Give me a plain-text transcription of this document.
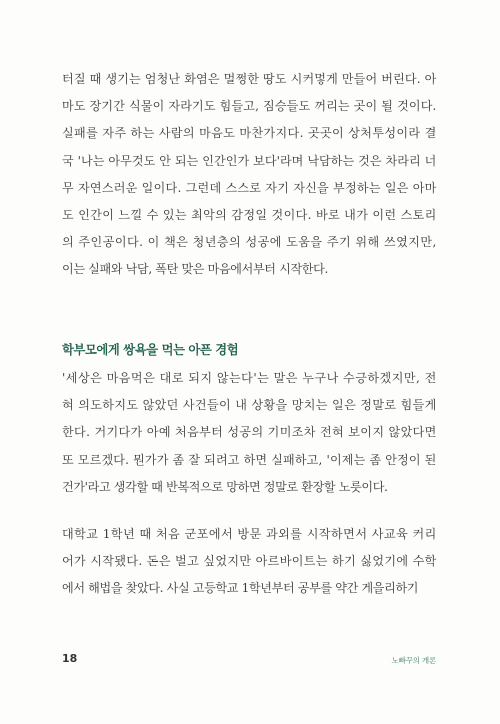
터질 때 생기는 엄청난 화염은 멀쩡한 땅도 시커멓게 만들어 버린다. 아
마도 장기간 식물이 자라기도 힘들고, 짐승들도 꺼리는 곳이 될 것이다.
실패를 자주 하는 사람의 마음도 마찬가지다. 곳곳이 상처투성이라 결
국 '나는 아무것도 안 되는 인간인가 보다'라며 낙담하는 것은 차라리 너
무 자연스러운 일이다. 그런데 스스로 자기 자신을 부정하는 일은 아마
도 인간이 느낄 수 있는 최악의 감정일 것이다. 바로 내가 이런 스토리
의 주인공이다. 이 책은 청년층의 성공에 도움을 주기 위해 쓰였지만,
이는 실패와 낙담, 폭탄 맞은 마음에서부터 시작한다.

학부모에게 쌍욕을 먹는 아픈 경험

'세상은 마음먹은 대로 되지 않는다'는 말은 누구나 수긍하겠지만, 전
혀 의도하지도 않았던 사건들이 내 상황을 망치는 일은 정말로 힘들게
한다. 거기다가 아예 처음부터 성공의 기미조차 전혀 보이지 않았다면
또 모르겠다. 뭔가가 좀 잘 되려고 하면 실패하고, '이제는 좀 안정이 된
건가'라고 생각할 때 반복적으로 망하면 정말로 환장할 노릇이다.

대학교 1학년 때 처음 군포에서 방문 과외를 시작하면서 사교육 커리
어가 시작됐다. 돈은 벌고 싶었지만 아르바이트는 하기 싫었기에 수학
에서 해법을 찾았다. 사실 고등학교 1학년부터 공부를 약간 게을리하기

18	노빠꾸의 개론
